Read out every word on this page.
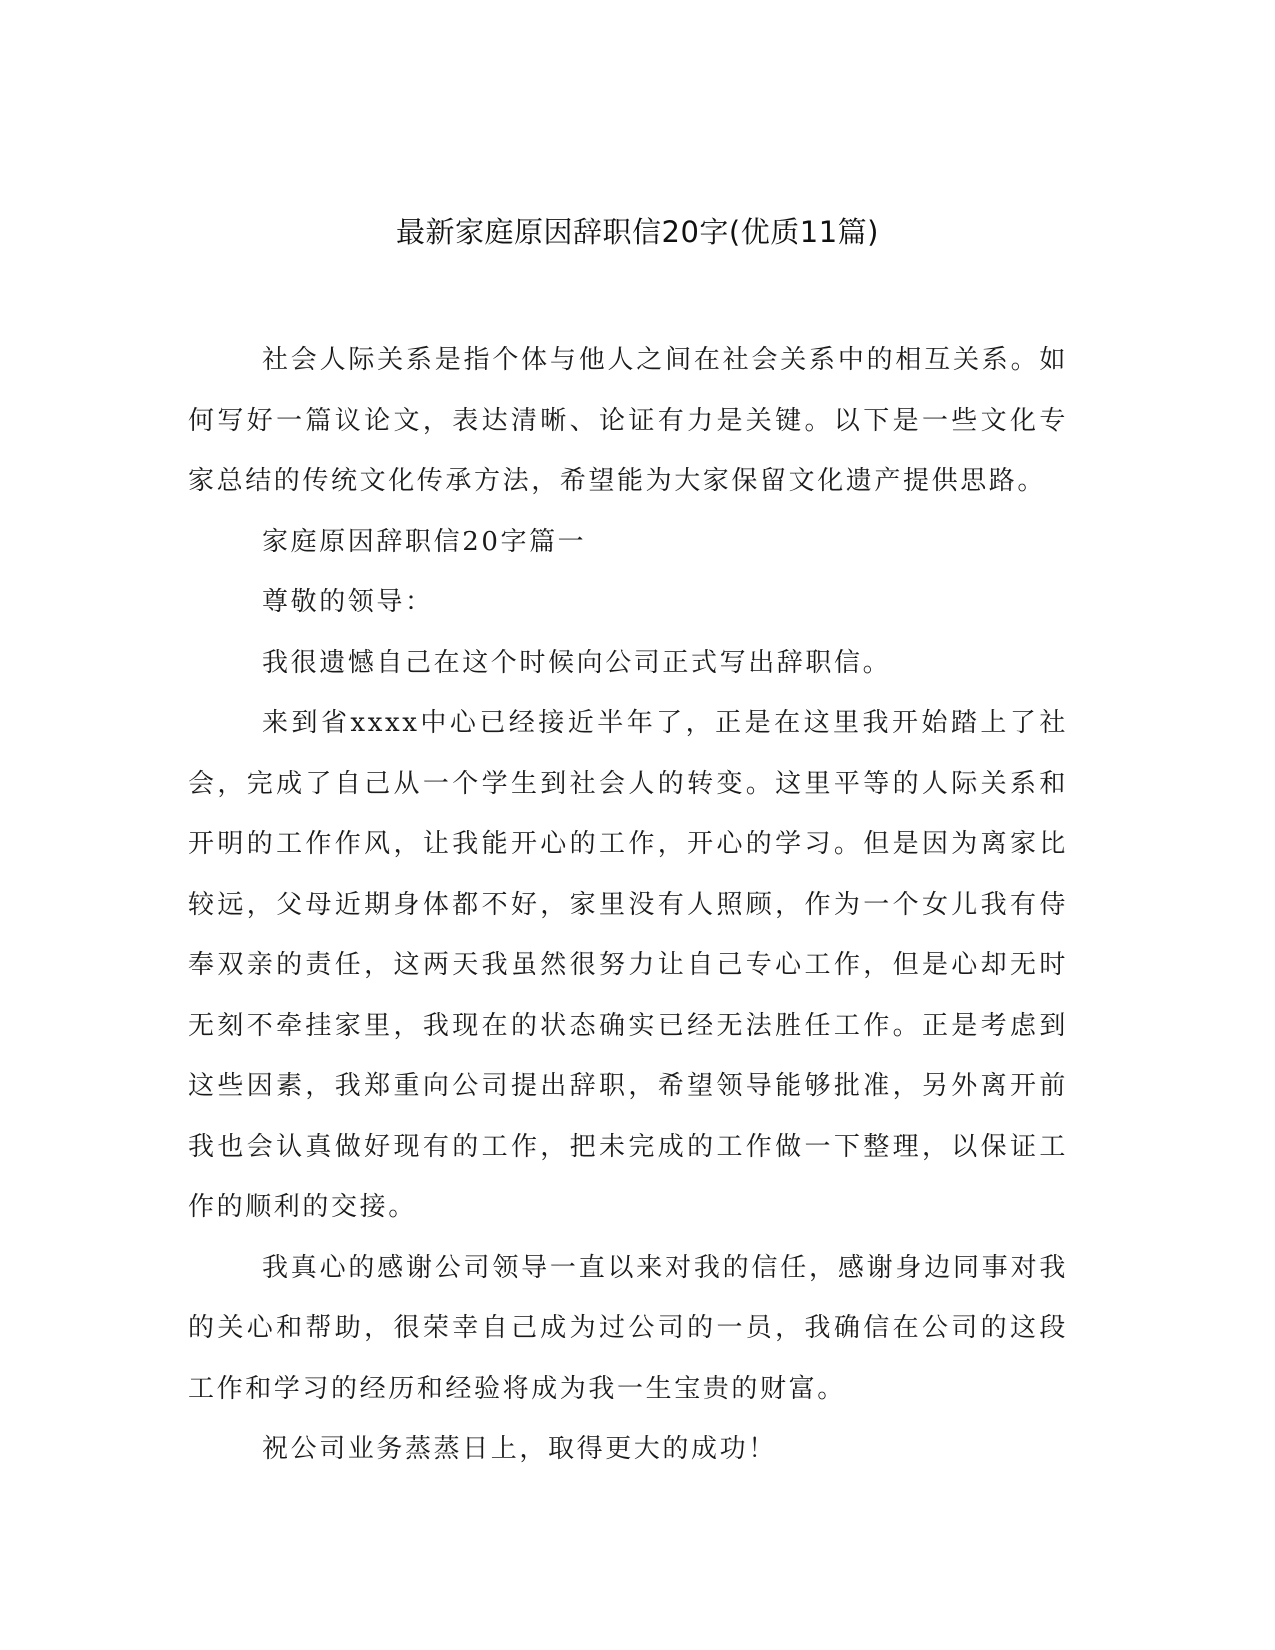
最新家庭原因辞职信20字(优质11篇)

社会人际关系是指个体与他人之间在社会关系中的相互关系。如何写好一篇议论文，表达清晰、论证有力是关键。以下是一些文化专家总结的传统文化传承方法，希望能为大家保留文化遗产提供思路。

家庭原因辞职信20字篇一

尊敬的领导：

我很遗憾自己在这个时候向公司正式写出辞职信。

来到省xxxx中心已经接近半年了，正是在这里我开始踏上了社会，完成了自己从一个学生到社会人的转变。这里平等的人际关系和开明的工作作风，让我能开心的工作，开心的学习。但是因为离家比较远，父母近期身体都不好，家里没有人照顾，作为一个女儿我有侍奉双亲的责任，这两天我虽然很努力让自己专心工作，但是心却无时无刻不牵挂家里，我现在的状态确实已经无法胜任工作。正是考虑到这些因素，我郑重向公司提出辞职，希望领导能够批准，另外离开前我也会认真做好现有的工作，把未完成的工作做一下整理，以保证工作的顺利的交接。

我真心的感谢公司领导一直以来对我的信任，感谢身边同事对我的关心和帮助，很荣幸自己成为过公司的一员，我确信在公司的这段工作和学习的经历和经验将成为我一生宝贵的财富。

祝公司业务蒸蒸日上，取得更大的成功！
